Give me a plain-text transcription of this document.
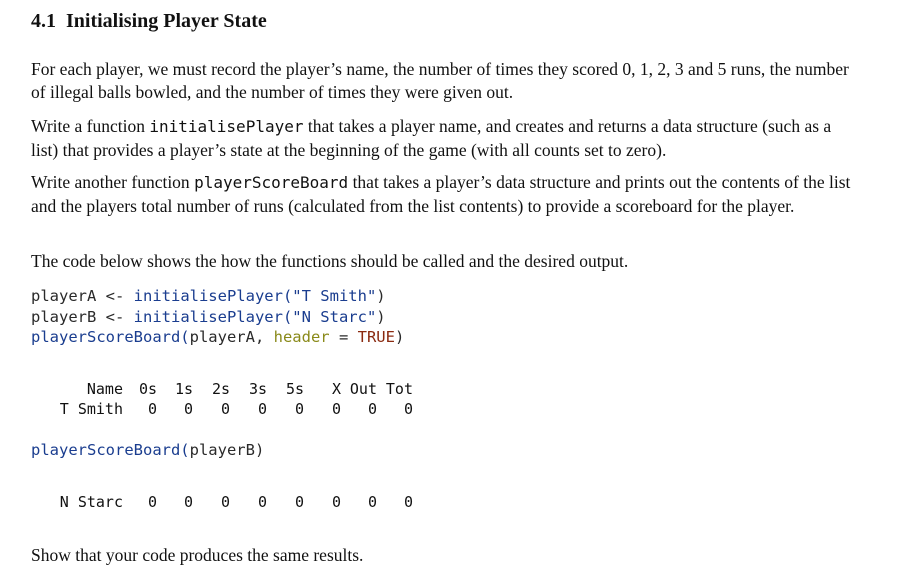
4.1 Initialising Player State

For each player, we must record the player’s name, the number of times they scored 0, 1, 2, 3 and 5 runs, the number of illegal balls bowled, and the number of times they were given out.

Write a function initialisePlayer that takes a player name, and creates and returns a data structure (such as a list) that provides a player’s state at the beginning of the game (with all counts set to zero).

Write another function playerScoreBoard that takes a player’s data structure and prints out the contents of the list and the players total number of runs (calculated from the list contents) to provide a scoreboard for the player.

The code below shows the how the functions should be called and the desired output.

playerA <- initialisePlayer("T Smith")
playerB <- initialisePlayer("N Starc")
playerScoreBoard(playerA, header = TRUE)
Name 0s 1s 2s 3s 5s X Out Tot
T Smith 0 0 0 0 0 0 0 0
playerScoreBoard(playerB)
N Starc 0 0 0 0 0 0 0 0

Show that your code produces the same results.
